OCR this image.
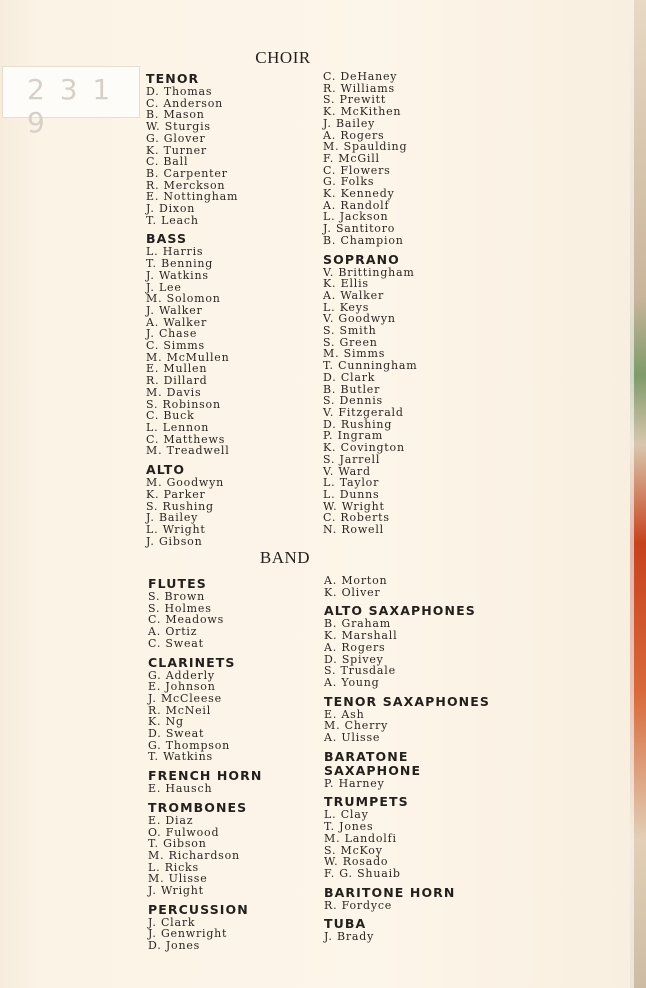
2 3 1 9
CHOIR
TENOR
D. Thomas
C. Anderson
B. Mason
W. Sturgis
G. Glover
K. Turner
C. Ball
B. Carpenter
R. Merckson
E. Nottingham
J. Dixon
T. Leach
BASS
L. Harris
T. Benning
J. Watkins
J. Lee
M. Solomon
J. Walker
A. Walker
J. Chase
C. Simms
M. McMullen
E. Mullen
R. Dillard
M. Davis
S. Robinson
C. Buck
L. Lennon
C. Matthews
M. Treadwell
ALTO
M. Goodwyn
K. Parker
S. Rushing
J. Bailey
L. Wright
J. Gibson
C. DeHaney
R. Williams
S. Prewitt
K. McKithen
J. Bailey
A. Rogers
M. Spaulding
F. McGill
C. Flowers
G. Folks
K. Kennedy
A. Randolf
L. Jackson
J. Santitoro
B. Champion
SOPRANO
V. Brittingham
K. Ellis
A. Walker
L. Keys
V. Goodwyn
S. Smith
S. Green
M. Simms
T. Cunningham
D. Clark
B. Butler
S. Dennis
V. Fitzgerald
D. Rushing
P. Ingram
K. Covington
S. Jarrell
V. Ward
L. Taylor
L. Dunns
W. Wright
C. Roberts
N. Rowell
BAND
FLUTES
S. Brown
S. Holmes
C. Meadows
A. Ortiz
C. Sweat
CLARINETS
G. Adderly
E. Johnson
J. McCleese
R. McNeil
K. Ng
D. Sweat
G. Thompson
T. Watkins
FRENCH HORN
E. Hausch
TROMBONES
E. Diaz
O. Fulwood
T. Gibson
M. Richardson
L. Ricks
M. Ulisse
J. Wright
PERCUSSION
J. Clark
J. Genwright
D. Jones
A. Morton
K. Oliver
ALTO SAXAPHONES
B. Graham
K. Marshall
A. Rogers
D. Spivey
S. Trusdale
A. Young
TENOR SAXAPHONES
E. Ash
M. Cherry
A. Ulisse
BARATONE
SAXAPHONE
P. Harney
TRUMPETS
L. Clay
T. Jones
M. Landolfi
S. McKoy
W. Rosado
F. G. Shuaib
BARITONE HORN
R. Fordyce
TUBA
J. Brady
